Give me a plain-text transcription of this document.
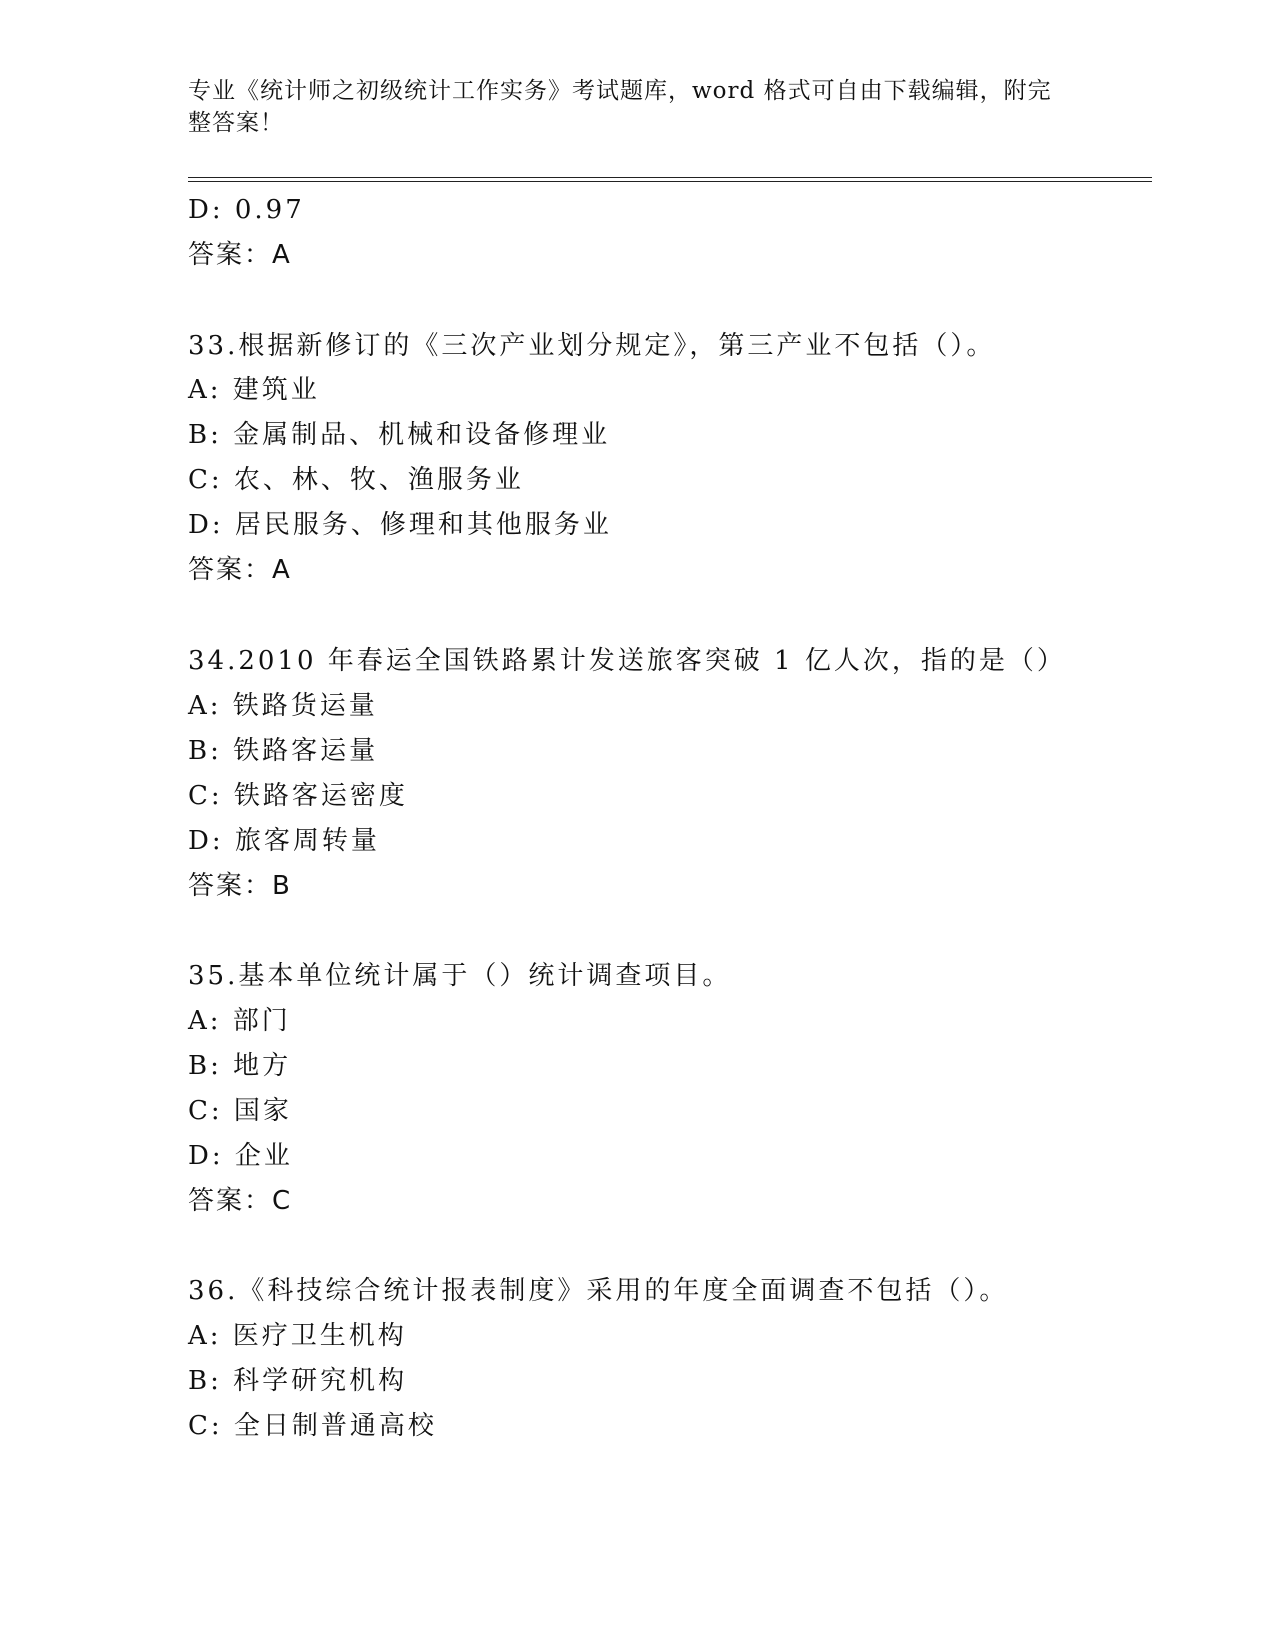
专业《统计师之初级统计工作实务》考试题库，word 格式可自由下载编辑，附完整答案！
D: 0.97
答案：A
33.根据新修订的《三次产业划分规定》，第三产业不包括（）。
A: 建筑业
B: 金属制品、机械和设备修理业
C: 农、林、牧、渔服务业
D: 居民服务、修理和其他服务业
答案：A
34.2010 年春运全国铁路累计发送旅客突破 1 亿人次，指的是（）
A: 铁路货运量
B: 铁路客运量
C: 铁路客运密度
D: 旅客周转量
答案：B
35.基本单位统计属于（）统计调查项目。
A: 部门
B: 地方
C: 国家
D: 企业
答案：C
36.《科技综合统计报表制度》采用的年度全面调查不包括（）。
A: 医疗卫生机构
B: 科学研究机构
C: 全日制普通高校
